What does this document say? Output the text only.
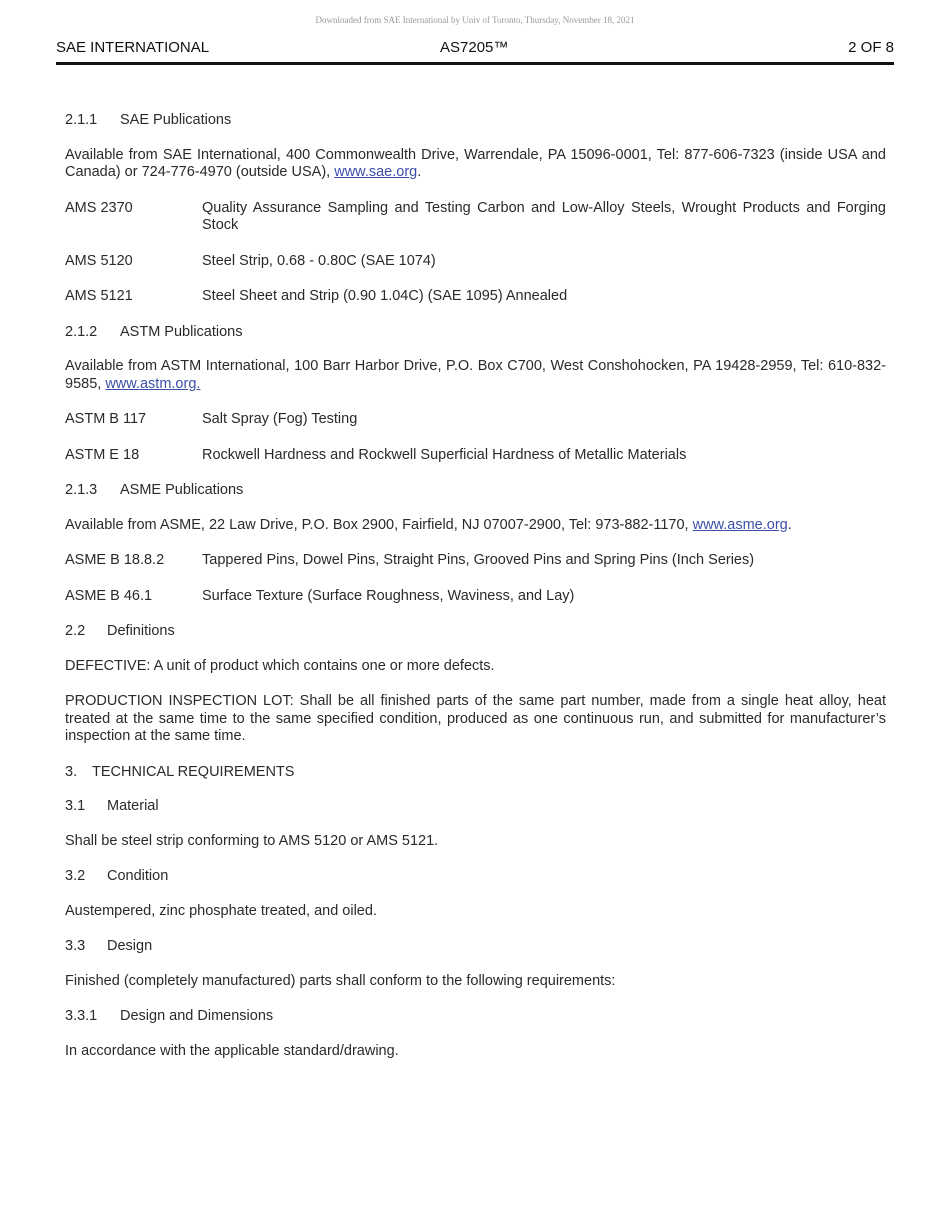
Downloaded from SAE International by Univ of Toronto, Thursday, November 18, 2021
SAE INTERNATIONAL	AS7205™	2 OF 8
2.1.1 SAE Publications
Available from SAE International, 400 Commonwealth Drive, Warrendale, PA 15096-0001, Tel: 877-606-7323 (inside USA and Canada) or 724-776-4970 (outside USA), www.sae.org.
AMS 2370	Quality Assurance Sampling and Testing Carbon and Low-Alloy Steels, Wrought Products and Forging Stock
AMS 5120	Steel Strip, 0.68 - 0.80C (SAE 1074)
AMS 5121	Steel Sheet and Strip (0.90 1.04C) (SAE 1095) Annealed
2.1.2 ASTM Publications
Available from ASTM International, 100 Barr Harbor Drive, P.O. Box C700, West Conshohocken, PA 19428-2959, Tel: 610-832-9585, www.astm.org.
ASTM B 117	Salt Spray (Fog) Testing
ASTM E 18	Rockwell Hardness and Rockwell Superficial Hardness of Metallic Materials
2.1.3 ASME Publications
Available from ASME, 22 Law Drive, P.O. Box 2900, Fairfield, NJ 07007-2900, Tel: 973-882-1170, www.asme.org.
ASME B 18.8.2	Tappered Pins, Dowel Pins, Straight Pins, Grooved Pins and Spring Pins (Inch Series)
ASME B 46.1	Surface Texture (Surface Roughness, Waviness, and Lay)
2.2 Definitions
DEFECTIVE: A unit of product which contains one or more defects.
PRODUCTION INSPECTION LOT: Shall be all finished parts of the same part number, made from a single heat alloy, heat treated at the same time to the same specified condition, produced as one continuous run, and submitted for manufacturer’s inspection at the same time.
3. TECHNICAL REQUIREMENTS
3.1 Material
Shall be steel strip conforming to AMS 5120 or AMS 5121.
3.2 Condition
Austempered, zinc phosphate treated, and oiled.
3.3 Design
Finished (completely manufactured) parts shall conform to the following requirements:
3.3.1 Design and Dimensions
In accordance with the applicable standard/drawing.
